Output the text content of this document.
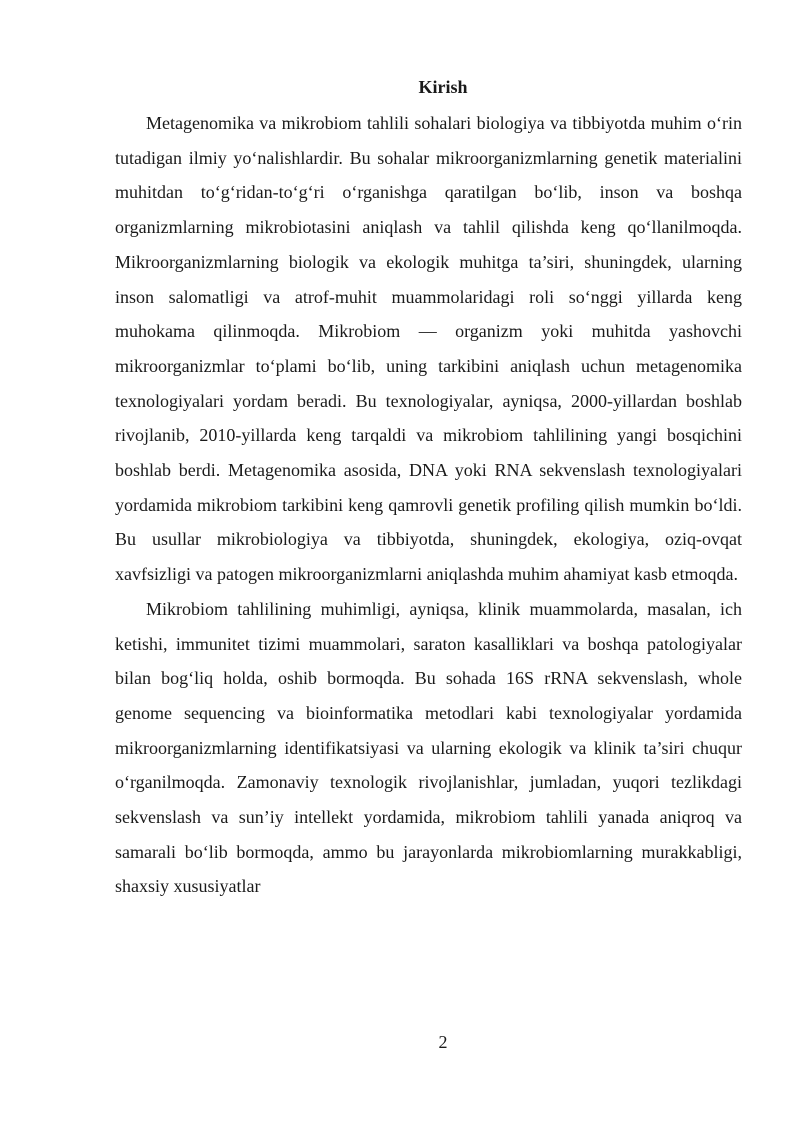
Kirish

Metagenomika va mikrobiom tahlili sohalari biologiya va tibbiyotda muhim o‘rin tutadigan ilmiy yo‘nalishlardir. Bu sohalar mikroorganizmlarning genetik materialini muhitdan to‘g‘ridan-to‘g‘ri o‘rganishga qaratilgan bo‘lib, inson va boshqa organizmlarning mikrobiotasini aniqlash va tahlil qilishda keng qo‘llanilmoqda. Mikroorganizmlarning biologik va ekologik muhitga ta’siri, shuningdek, ularning inson salomatligi va atrof-muhit muammolaridagi roli so‘nggi yillarda keng muhokama qilinmoqda. Mikrobiom — organizm yoki muhitda yashovchi mikroorganizmlar to‘plami bo‘lib, uning tarkibini aniqlash uchun metagenomika texnologiyalari yordam beradi. Bu texnologiyalar, ayniqsa, 2000-yillardan boshlab rivojlanib, 2010-yillarda keng tarqaldi va mikrobiom tahlilining yangi bosqichini boshlab berdi. Metagenomika asosida, DNA yoki RNA sekvenslash texnologiyalari yordamida mikrobiom tarkibini keng qamrovli genetik profiling qilish mumkin bo‘ldi. Bu usullar mikrobiologiya va tibbiyotda, shuningdek, ekologiya, oziq-ovqat xavfsizligi va patogen mikroorganizmlarni aniqlashda muhim ahamiyat kasb etmoqda.

Mikrobiom tahlilining muhimligi, ayniqsa, klinik muammolarda, masalan, ich ketishi, immunitet tizimi muammolari, saraton kasalliklari va boshqa patologiyalar bilan bog‘liq holda, oshib bormoqda. Bu sohada 16S rRNA sekvenslash, whole genome sequencing va bioinformatika metodlari kabi texnologiyalar yordamida mikroorganizmlarning identifikatsiyasi va ularning ekologik va klinik ta’siri chuqur o‘rganilmoqda. Zamonaviy texnologik rivojlanishlar, jumladan, yuqori tezlikdagi sekvenslash va sun’iy intellekt yordamida, mikrobiom tahlili yanada aniqroq va samarali bo‘lib bormoqda, ammo bu jarayonlarda mikrobiomlarning murakkabligi, shaxsiy xususiyatlar

2
